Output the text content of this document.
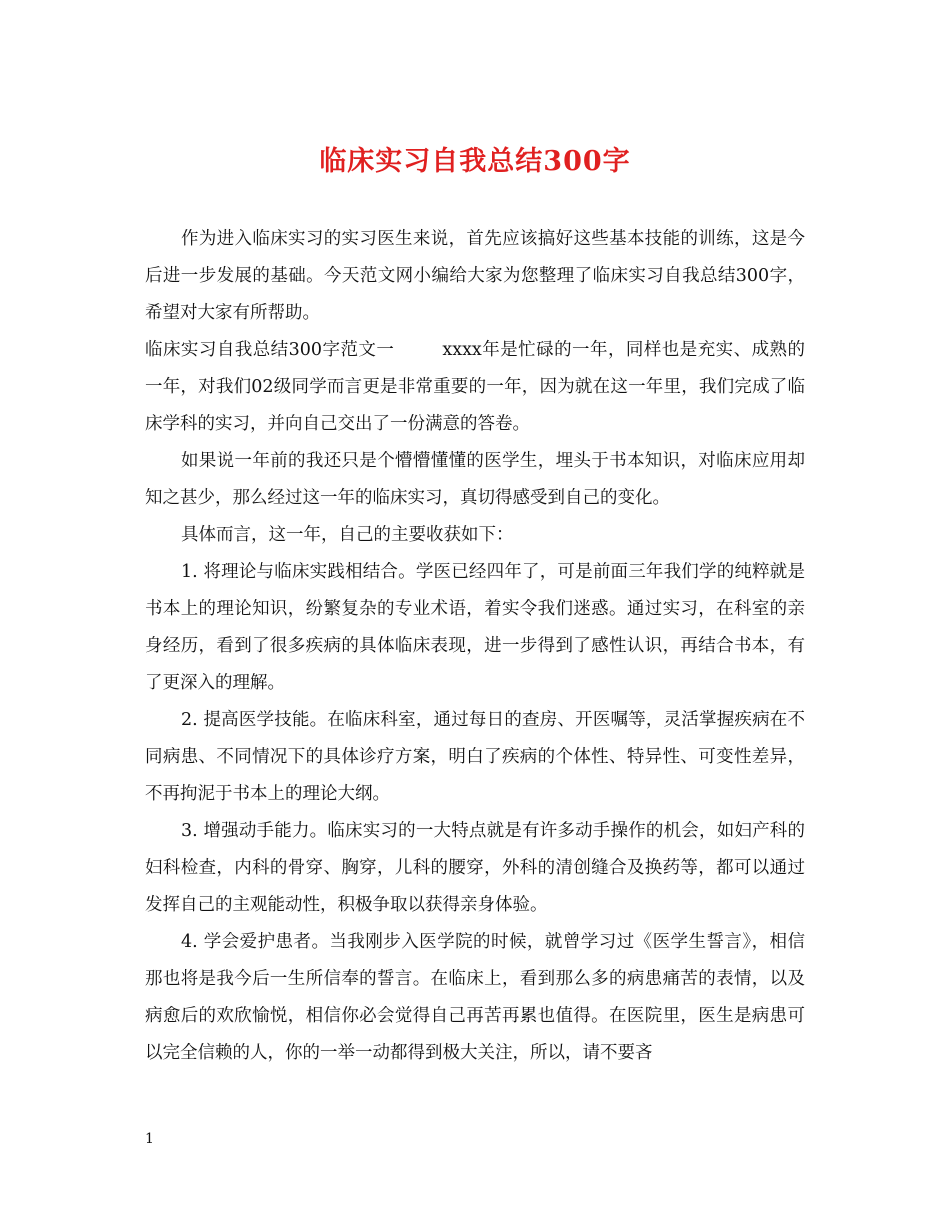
临床实习自我总结300字

作为进入临床实习的实习医生来说，首先应该搞好这些基本技能的训练，这是今后进一步发展的基础。今天范文网小编给大家为您整理了临床实习自我总结300字，希望对大家有所帮助。

临床实习自我总结300字范文一	xxxx年是忙碌的一年，同样也是充实、成熟的一年，对我们02级同学而言更是非常重要的一年，因为就在这一年里，我们完成了临床学科的实习，并向自己交出了一份满意的答卷。

如果说一年前的我还只是个懵懵懂懂的医学生，埋头于书本知识，对临床应用却知之甚少，那么经过这一年的临床实习，真切得感受到自己的变化。

具体而言，这一年，自己的主要收获如下：

1. 将理论与临床实践相结合。学医已经四年了，可是前面三年我们学的纯粹就是书本上的理论知识，纷繁复杂的专业术语，着实令我们迷惑。通过实习，在科室的亲身经历，看到了很多疾病的具体临床表现，进一步得到了感性认识，再结合书本，有了更深入的理解。

2. 提高医学技能。在临床科室，通过每日的查房、开医嘱等，灵活掌握疾病在不同病患、不同情况下的具体诊疗方案，明白了疾病的个体性、特异性、可变性差异，不再拘泥于书本上的理论大纲。

3. 增强动手能力。临床实习的一大特点就是有许多动手操作的机会，如妇产科的妇科检查，内科的骨穿、胸穿，儿科的腰穿，外科的清创缝合及换药等，都可以通过发挥自己的主观能动性，积极争取以获得亲身体验。

4. 学会爱护患者。当我刚步入医学院的时候，就曾学习过《医学生誓言》，相信那也将是我今后一生所信奉的誓言。在临床上，看到那么多的病患痛苦的表情，以及病愈后的欢欣愉悦，相信你必会觉得自己再苦再累也值得。在医院里，医生是病患可以完全信赖的人，你的一举一动都得到极大关注，所以，请不要吝

1
